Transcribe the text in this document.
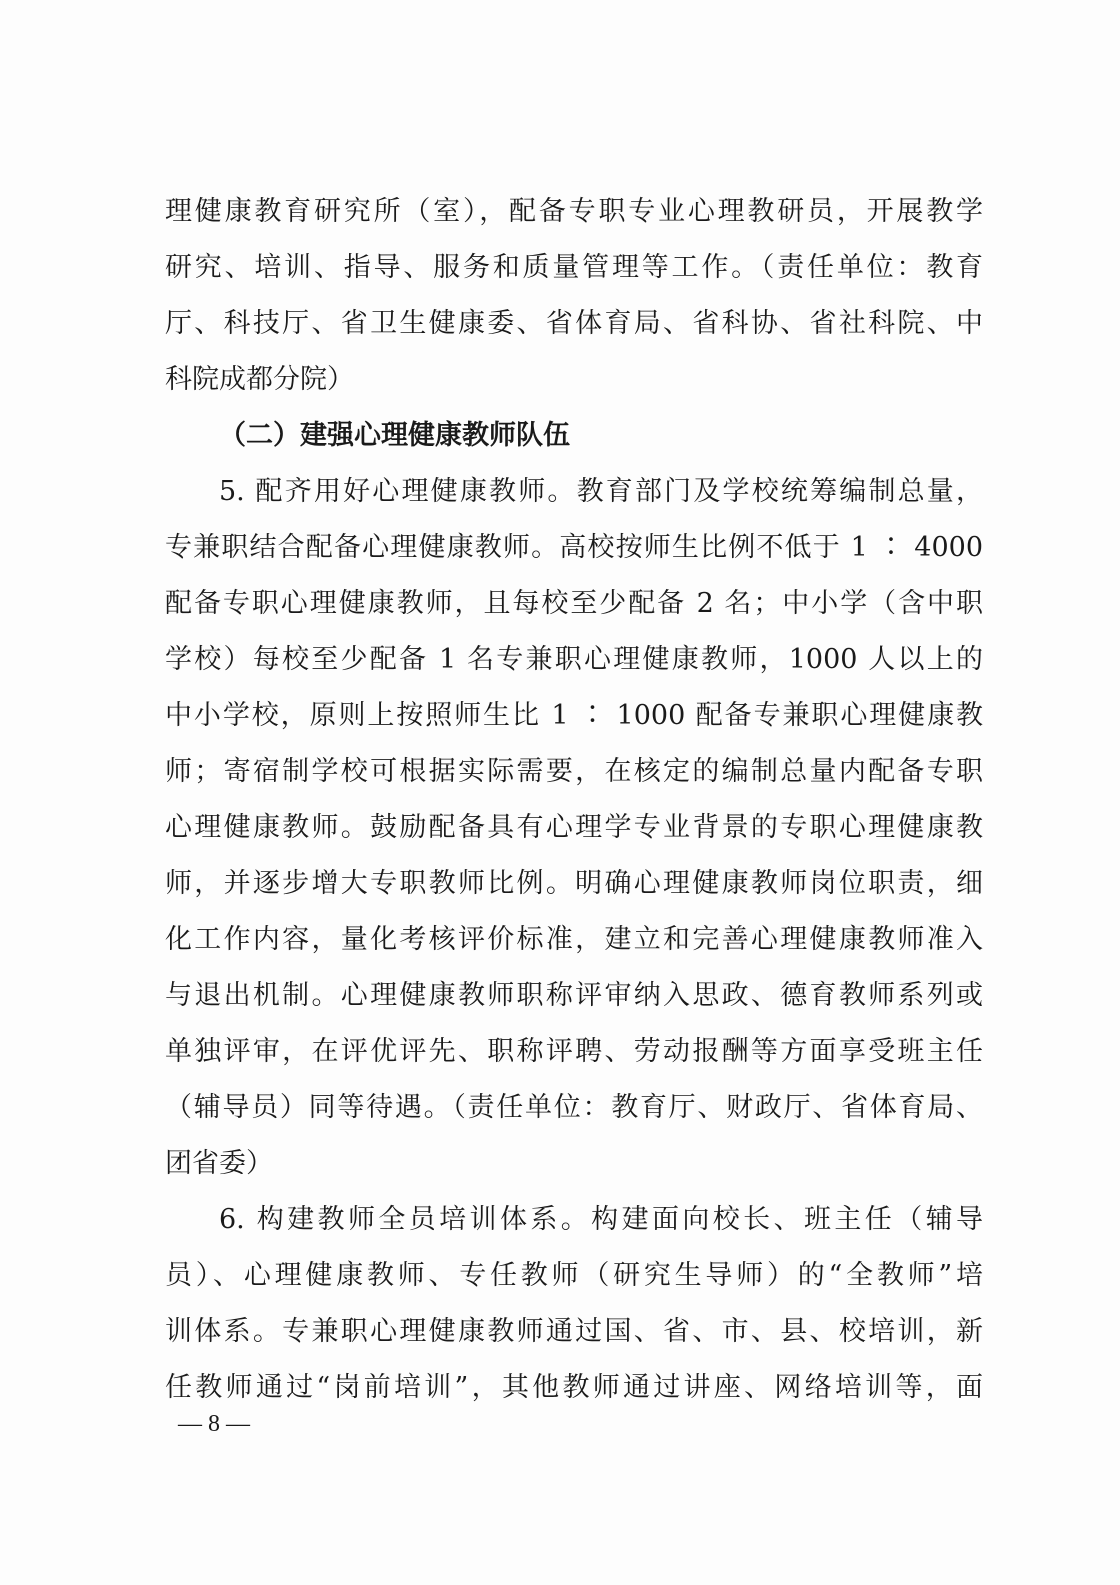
理健康教育研究所（室），配备专职专业心理教研员，开展教学
研究、培训、指导、服务和质量管理等工作。（责任单位：教育
厅、科技厅、省卫生健康委、省体育局、省科协、省社科院、中
科院成都分院）
（二）建强心理健康教师队伍
5. 配齐用好心理健康教师。教育部门及学校统筹编制总量，
专兼职结合配备心理健康教师。高校按师生比例不低于 1 ∶ 4000
配备专职心理健康教师，且每校至少配备 2 名；中小学（含中职
学校）每校至少配备 1 名专兼职心理健康教师，1000 人以上的
中小学校，原则上按照师生比 1 ∶ 1000 配备专兼职心理健康教
师；寄宿制学校可根据实际需要，在核定的编制总量内配备专职
心理健康教师。鼓励配备具有心理学专业背景的专职心理健康教
师，并逐步增大专职教师比例。明确心理健康教师岗位职责，细
化工作内容，量化考核评价标准，建立和完善心理健康教师准入
与退出机制。心理健康教师职称评审纳入思政、德育教师系列或
单独评审，在评优评先、职称评聘、劳动报酬等方面享受班主任
（辅导员）同等待遇。（责任单位：教育厅、财政厅、省体育局、
团省委）
6. 构建教师全员培训体系。构建面向校长、班主任（辅导
员）、心理健康教师、专任教师（研究生导师）的“全教师”培
训体系。专兼职心理健康教师通过国、省、市、县、校培训，新
任教师通过“岗前培训”，其他教师通过讲座、网络培训等，面
— 8 —
